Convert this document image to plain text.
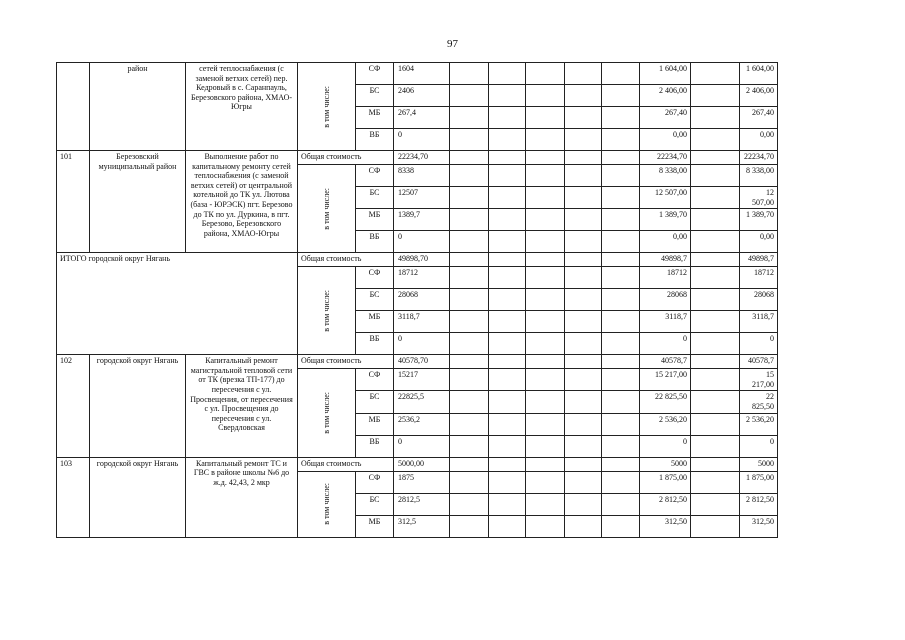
97
	район	сетей теплоснабжения (с заменой ветхих сетей) пер. Кедровый в с. Саранпауль, Березовского района, ХМАО-Югры	в том числе:	СФ	1604						1 604,00		1 604,00
				БС	2406						2 406,00		2 406,00
				МБ	267,4						267,40		267,40
				ВБ	0						0,00		0,00
101	Березовский муниципальный район	Выполнение работ по капитальному ремонту сетей теплоснабжения (с заменой ветхих сетей) от центральной котельной до ТК ул. Лютова (база - ЮРЭСК) пгт. Березово до ТК по ул. Дуркина, в пгт. Березово, Березовского района, ХМАО-Югры	Общая стоимость		22234,70						22234,70		22234,70

			в том числе:	СФ	8338						8 338,00		8 338,00
				БС	12507						12 507,00		12 507,00
				МБ	1389,7						1 389,70		1 389,70
				ВБ	0						0,00		0,00
ИТОГО городской округ Нягань			Общая стоимость		49898,70						49898,7		49898,7

			в том числе:	СФ	18712						18712		18712
				БС	28068						28068		28068
				МБ	3118,7						3118,7		3118,7
				ВБ	0						0		0
102	городской округ Нягань	Капитальный ремонт магистральной тепловой сети от ТК (врезка ТП-177) до пересечения с ул. Просвещения, от пересечения с ул. Просвещения до пересечения с ул. Свердловская	Общая стоимость		40578,70						40578,7		40578,7

			в том числе:	СФ	15217						15 217,00		15 217,00
				БС	22825,5						22 825,50		22 825,50
				МБ	2536,2						2 536,20		2 536,20
				ВБ	0						0		0
103	городской округ Нягань	Капитальный ремонт ТС и ГВС в районе школы №6 до ж.д. 42,43, 2 мкр	Общая стоимость		5000,00						5000		5000

			в том числе:	СФ	1875						1 875,00		1 875,00
				БС	2812,5						2 812,50		2 812,50
				МБ	312,5						312,50		312,50
